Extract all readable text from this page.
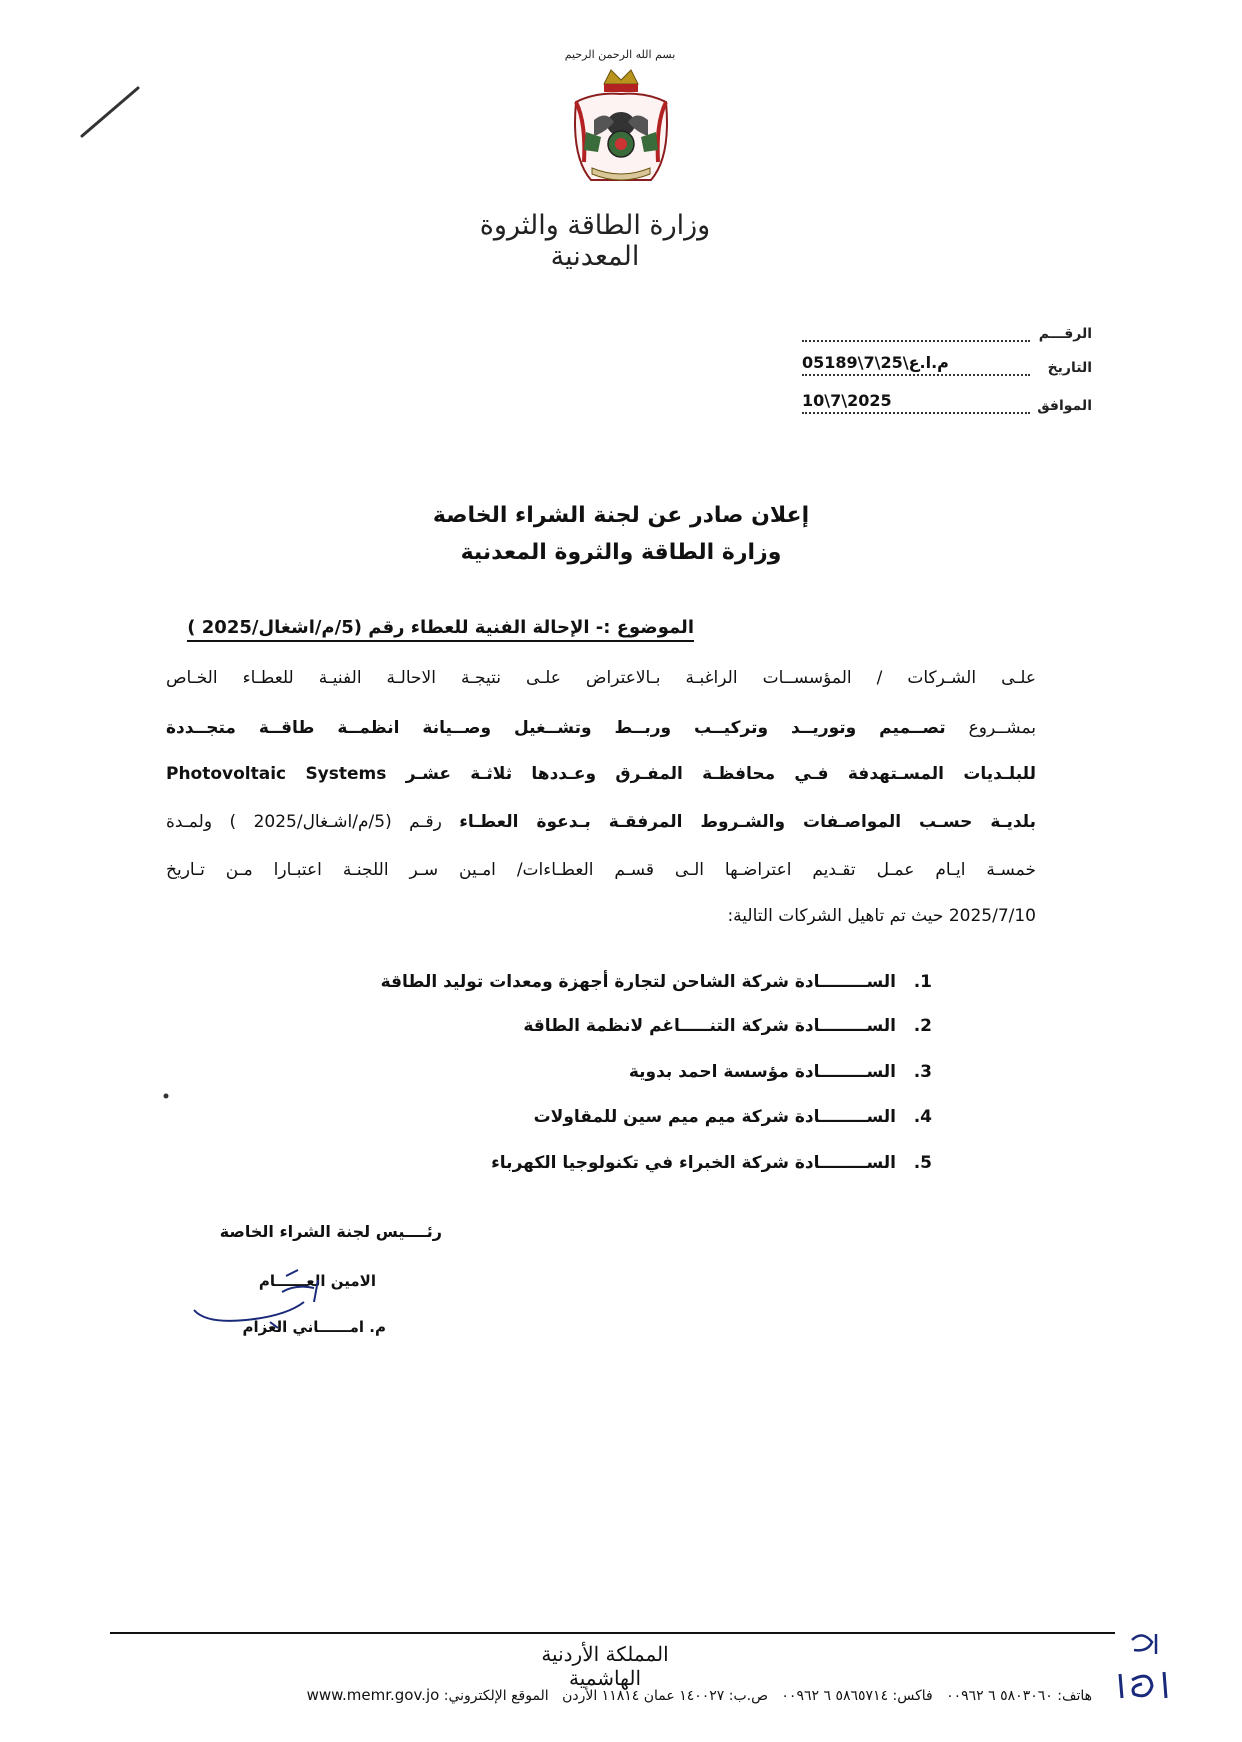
بسم الله الرحمن الرحيم
وزارة الطاقة والثروة المعدنية
الرقـــم
التاريخ
م.ا.ع\25\7\05189
الموافق
2025\7\10
إعلان صادر عن لجنة الشراء الخاصة
وزارة الطاقة والثروة المعدنية
الموضوع :- الإحالة الفنية للعطاء رقم (5/م/اشغال/2025 )
علـى الشـركات / المؤسســات الراغبـة بـالاعتراض علـى نتيجـة الاحالـة الفنيـة للعطـاء الخـاص
بمشــروع تصــميم وتوريــد وتركيــب وربــط وتشــغيل وصــيانة انظمــة طاقــة متجــددة
للبلـديات المسـتهدفة فـي محافظـة المفـرق وعـددها ثلاثـة عشـر Photovoltaic Systems
بلديـة حسـب المواصـفات والشـروط المرفقـة بـدعوة العطـاء رقـم (5/م/اشـغال/2025 ) ولمـدة
خمسـة ايـام عمـل تقـديم اعتراضـها الـى قسـم العطـاءات/ امـين سـر اللجنـة اعتبـارا مـن تـاريخ
2025/7/10 حيث تم تاهيل الشركات التالية:
1.
الســــــــادة شركة الشاحن لتجارة أجهزة ومعدات توليد الطاقة
2.
الســــــــادة شركة التنـــــاغم لانظمة الطاقة
3.
الســــــــادة مؤسسة احمد بدوية
4.
الســــــــادة شركة ميم ميم سين للمقاولات
5.
الســــــــادة شركة الخبراء في تكنولوجيا الكهرباء
رئــــيس لجنة الشراء الخاصة
الامين العــــــام
م. امــــــاني العزام
المملكة الأردنية الهاشمية
هاتف: ٥٨٠٣٠٦٠ ٦ ٠٠٩٦٢   فاكس: ٥٨٦٥٧١٤ ٦ ٠٠٩٦٢   ص.ب: ١٤٠٠٢٧ عمان ١١٨١٤ الأردن   الموقع الإلكتروني: www.memr.gov.jo
